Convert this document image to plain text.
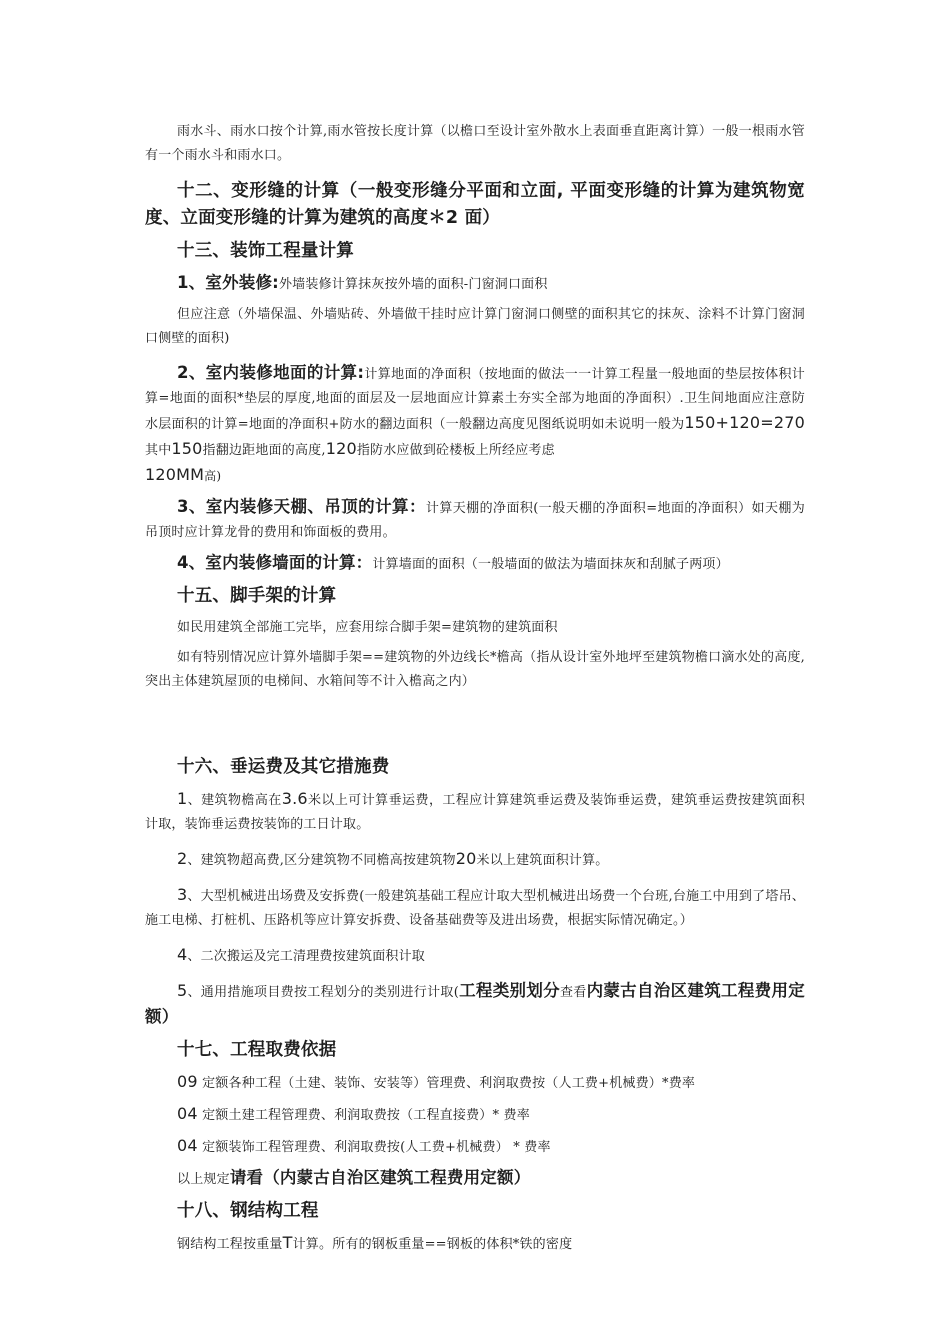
雨水斗、雨水口按个计算,雨水管按长度计算（以檐口至设计室外散水上表面垂直距离计算）一般一根雨水管有一个雨水斗和雨水口。

十二、变形缝的计算（一般变形缝分平面和立面, 平面变形缝的计算为建筑物宽度、立面变形缝的计算为建筑的高度＊2 面）

十三、装饰工程量计算

1、室外装修:外墙装修计算抹灰按外墙的面积-门窗洞口面积

但应注意（外墙保温、外墙贴砖、外墙做干挂时应计算门窗洞口侧壁的面积其它的抹灰、涂料不计算门窗洞口侧壁的面积)

2、室内装修地面的计算:计算地面的净面积（按地面的做法一一计算工程量一般地面的垫层按体积计算=地面的面积*垫层的厚度,地面的面层及一层地面应计算素土夯实全部为地面的净面积）.卫生间地面应注意防水层面积的计算=地面的净面积+防水的翻边面积（一般翻边高度见图纸说明如未说明一般为150+120=270其中150指翻边距地面的高度,120指防水应做到砼楼板上所经应考虑
120MM高)

3、室内装修天棚、吊顶的计算：计算天棚的净面积(一般天棚的净面积=地面的净面积）如天棚为吊顶时应计算龙骨的费用和饰面板的费用。

4、室内装修墙面的计算：计算墙面的面积（一般墙面的做法为墙面抹灰和刮腻子两项）

十五、脚手架的计算

如民用建筑全部施工完毕，应套用综合脚手架=建筑物的建筑面积

如有特别情况应计算外墙脚手架==建筑物的外边线长*檐高（指从设计室外地坪至建筑物檐口滴水处的高度,突出主体建筑屋顶的电梯间、水箱间等不计入檐高之内）

十六、垂运费及其它措施费

1、建筑物檐高在3.6米以上可计算垂运费，工程应计算建筑垂运费及装饰垂运费，建筑垂运费按建筑面积计取，装饰垂运费按装饰的工日计取。

2、建筑物超高费,区分建筑物不同檐高按建筑物20米以上建筑面积计算。

3、大型机械进出场费及安拆费(一般建筑基础工程应计取大型机械进出场费一个台班,台施工中用到了塔吊、施工电梯、打桩机、压路机等应计算安拆费、设备基础费等及进出场费，根据实际情况确定。）

4、二次搬运及完工清理费按建筑面积计取

5、通用措施项目费按工程划分的类别进行计取(工程类别划分查看内蒙古自治区建筑工程费用定额）

十七、工程取费依据

09 定额各种工程（土建、装饰、安装等）管理费、利润取费按（人工费+机械费）*费率

04 定额土建工程管理费、利润取费按（工程直接费）* 费率

04 定额装饰工程管理费、利润取费按(人工费+机械费） * 费率

以上规定请看（内蒙古自治区建筑工程费用定额）

十八、钢结构工程

钢结构工程按重量T计算。所有的钢板重量==钢板的体积*铁的密度
